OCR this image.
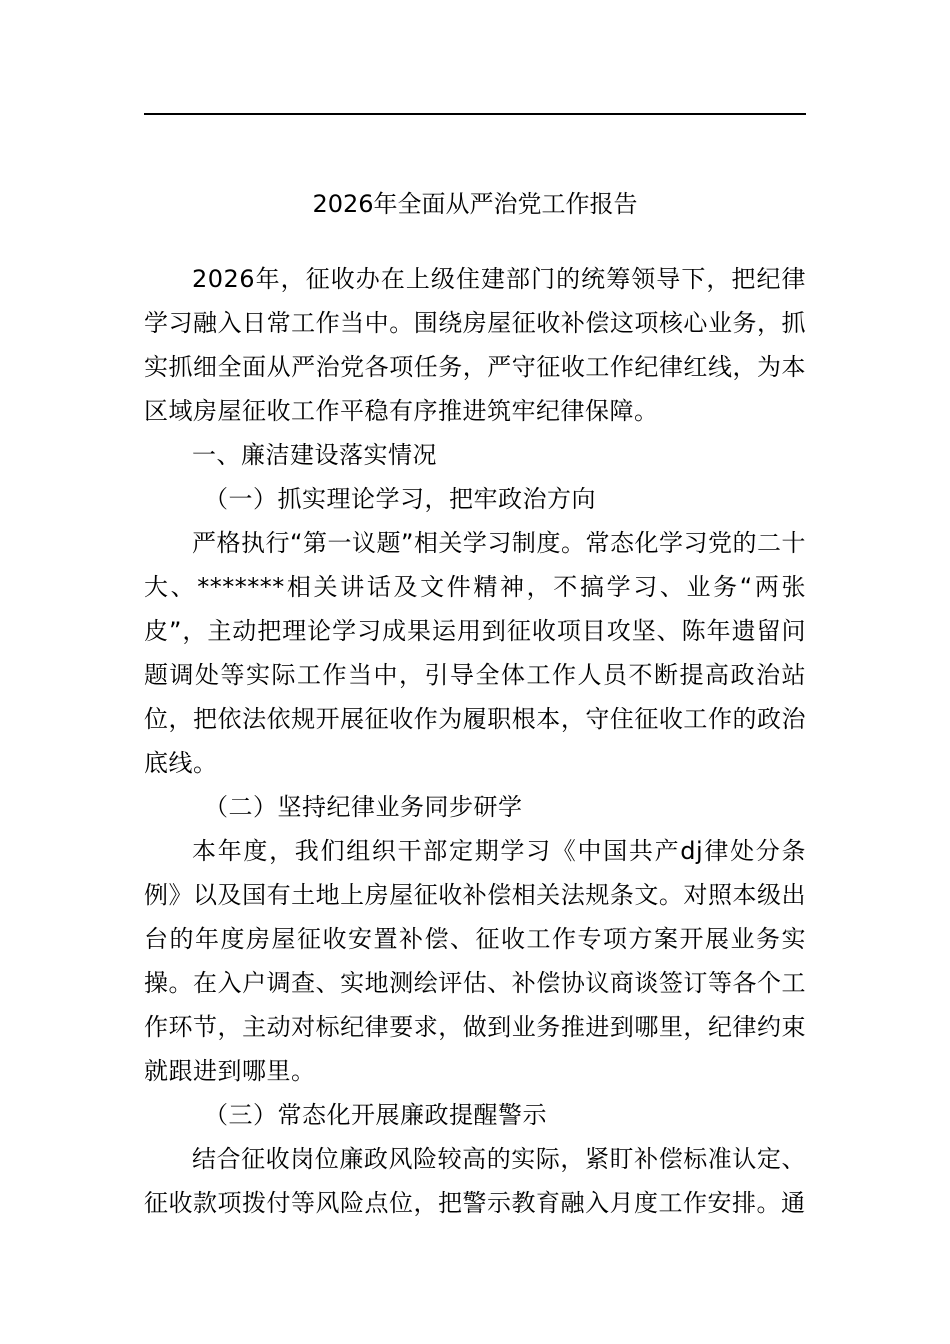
2026年全面从严治党工作报告

2026年，征收办在上级住建部门的统筹领导下，把纪律学习融入日常工作当中。围绕房屋征收补偿这项核心业务，抓实抓细全面从严治党各项任务，严守征收工作纪律红线，为本区域房屋征收工作平稳有序推进筑牢纪律保障。

一、廉洁建设落实情况

（一）抓实理论学习，把牢政治方向

严格执行“第一议题”相关学习制度。常态化学习党的二十大、*******相关讲话及文件精神，不搞学习、业务“两张皮”，主动把理论学习成果运用到征收项目攻坚、陈年遗留问题调处等实际工作当中，引导全体工作人员不断提高政治站位，把依法依规开展征收作为履职根本，守住征收工作的政治底线。

（二）坚持纪律业务同步研学

本年度，我们组织干部定期学习《中国共产dj律处分条例》以及国有土地上房屋征收补偿相关法规条文。对照本级出台的年度房屋征收安置补偿、征收工作专项方案开展业务实操。在入户调查、实地测绘评估、补偿协议商谈签订等各个工作环节，主动对标纪律要求，做到业务推进到哪里，纪律约束就跟进到哪里。

（三）常态化开展廉政提醒警示

结合征收岗位廉政风险较高的实际，紧盯补偿标准认定、征收款项拨付等风险点位，把警示教育融入月度工作安排。通
